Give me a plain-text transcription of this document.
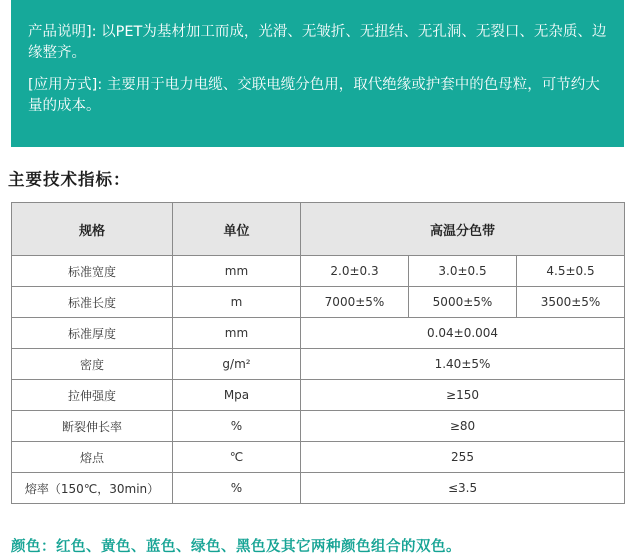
产品说明]: 以PET为基材加工而成，光滑、无皱折、无扭结、无孔洞、无裂口、无杂质、边缘整齐。

[应用方式]: 主要用于电力电缆、交联电缆分色用，取代绝缘或护套中的色母粒，可节约大量的成本。

主要技术指标：
规格	单位	高温分色带		
标准宽度	mm	2.0±0.3	3.0±0.5	4.5±0.5
标准长度	m	7000±5%	5000±5%	3500±5%
标准厚度	mm	0.04±0.004		
密度	g/m²	1.40±5%		
拉伸强度	Mpa	≥150		
断裂伸长率	%	≥80		
熔点	℃	255		
熔率（150℃，30min）	%	≤3.5		
颜色：红色、黄色、蓝色、绿色、黑色及其它两种颜色组合的双色。
